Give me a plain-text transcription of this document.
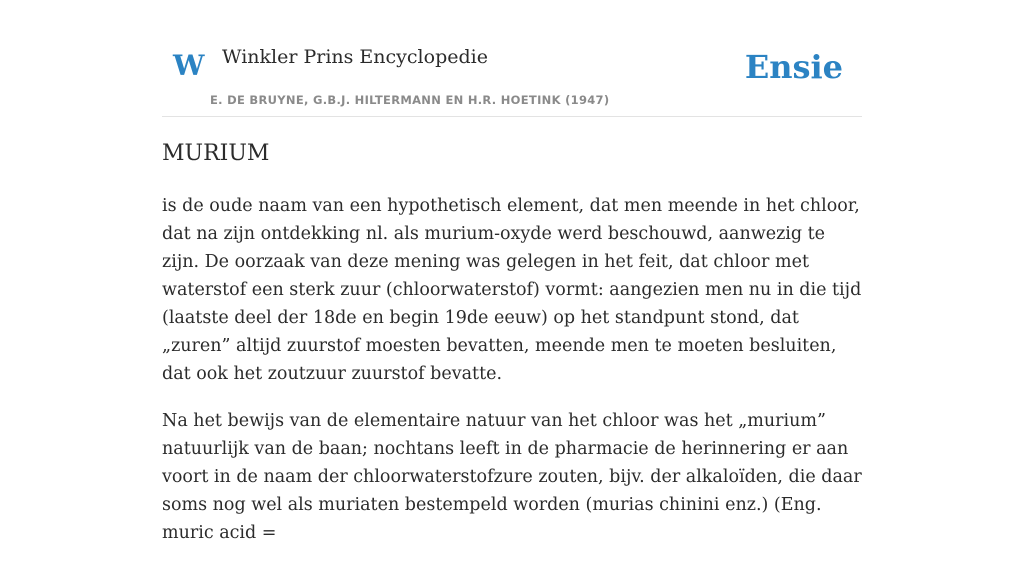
W Winkler Prins Encyclopedie
E. DE BRUYNE, G.B.J. HILTERMANN EN H.R. HOETINK (1947)
Ensie
MURIUM

is de oude naam van een hypothetisch element, dat men meende in het chloor, dat na zijn ontdekking nl. als murium-oxyde werd beschouwd, aanwezig te zijn. De oorzaak van deze mening was gelegen in het feit, dat chloor met waterstof een sterk zuur (chloorwaterstof) vormt: aangezien men nu in die tijd (laatste deel der 18de en begin 19de eeuw) op het standpunt stond, dat „zuren” altijd zuurstof moesten bevatten, meende men te moeten besluiten, dat ook het zoutzuur zuurstof bevatte.

Na het bewijs van de elementaire natuur van het chloor was het „murium” natuurlijk van de baan; nochtans leeft in de pharmacie de herinnering er aan voort in de naam der chloorwaterstofzure zouten, bijv. der alkaloïden, die daar soms nog wel als muriaten bestempeld worden (murias chinini enz.) (Eng. muric acid =
